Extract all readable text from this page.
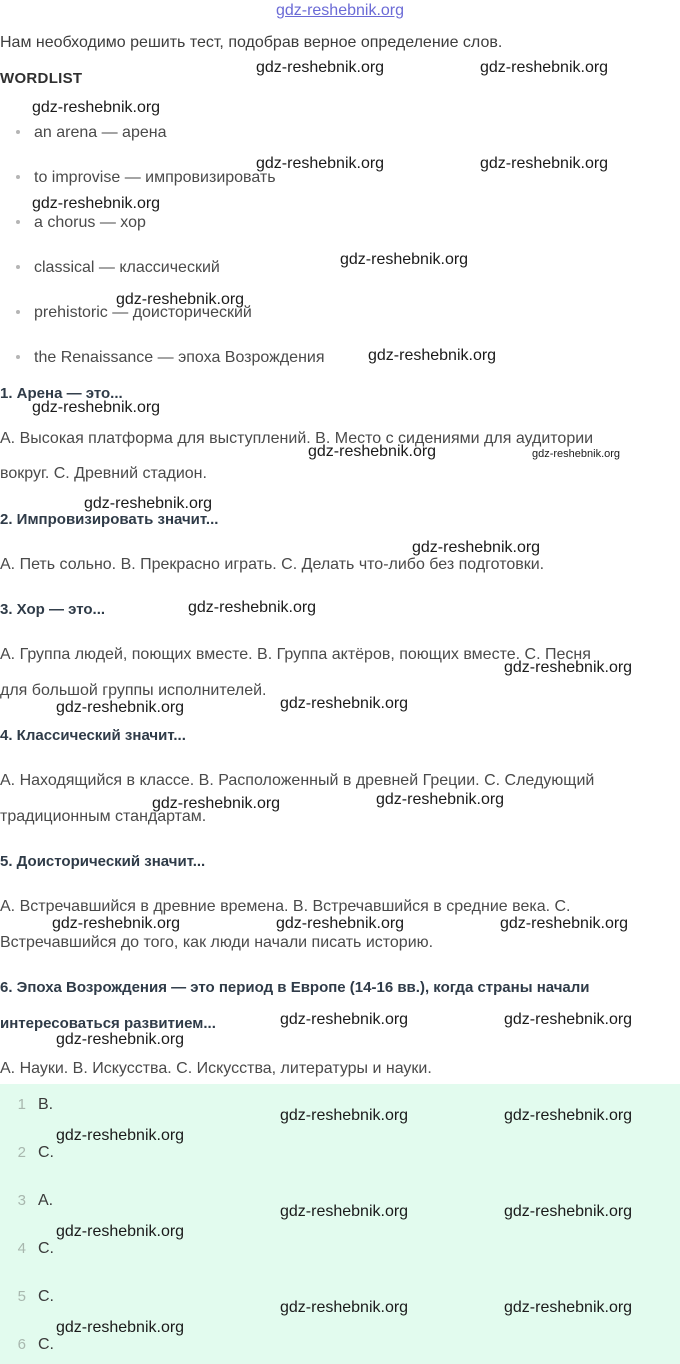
gdz-reshebnik.org
Нам необходимо решить тест, подобрав верное определение слов.
WORDLIST
an arena — арена
to improvise — импровизировать
a chorus — хор
classical — классический
prehistoric — доисторический
the Renaissance — эпоха Возрождения
1. Арена — это...
A. Высокая платформа для выступлений. B. Место с сидениями для аудитории
вокруг. C. Древний стадион.
2. Импровизировать значит...
A. Петь сольно. B. Прекрасно играть. C. Делать что-либо без подготовки.
3. Хор — это...
A. Группа людей, поющих вместе. B. Группа актёров, поющих вместе. C. Песня
для большой группы исполнителей.
4. Классический значит...
A. Находящийся в классе. B. Расположенный в древней Греции. C. Следующий
традиционным стандартам.
5. Доисторический значит...
A. Встречавшийся в древние времена. B. Встречавшийся в средние века. C.
Встречавшийся до того, как люди начали писать историю.
6. Эпоха Возрождения — это период в Европе (14-16 вв.), когда страны начали
интересоваться развитием...
A. Науки. B. Искусства. C. Искусства, литературы и науки.
1 B.
2 C.
3 A.
4 C.
5 C.
6 C.
gdz-reshebnik.org	gdz-reshebnik.org
gdz-reshebnik.org
gdz-reshebnik.org	gdz-reshebnik.org
gdz-reshebnik.org
gdz-reshebnik.org
gdz-reshebnik.org
gdz-reshebnik.org
gdz-reshebnik.org
gdz-reshebnik.org	gdz-reshebnik.org
gdz-reshebnik.org
gdz-reshebnik.org
gdz-reshebnik.org
gdz-reshebnik.org
gdz-reshebnik.org
gdz-reshebnik.org
gdz-reshebnik.org
gdz-reshebnik.org
gdz-reshebnik.org	gdz-reshebnik.org	gdz-reshebnik.org
gdz-reshebnik.org	gdz-reshebnik.org
gdz-reshebnik.org
gdz-reshebnik.org	gdz-reshebnik.org
gdz-reshebnik.org
gdz-reshebnik.org	gdz-reshebnik.org
gdz-reshebnik.org
gdz-reshebnik.org	gdz-reshebnik.org
gdz-reshebnik.org
